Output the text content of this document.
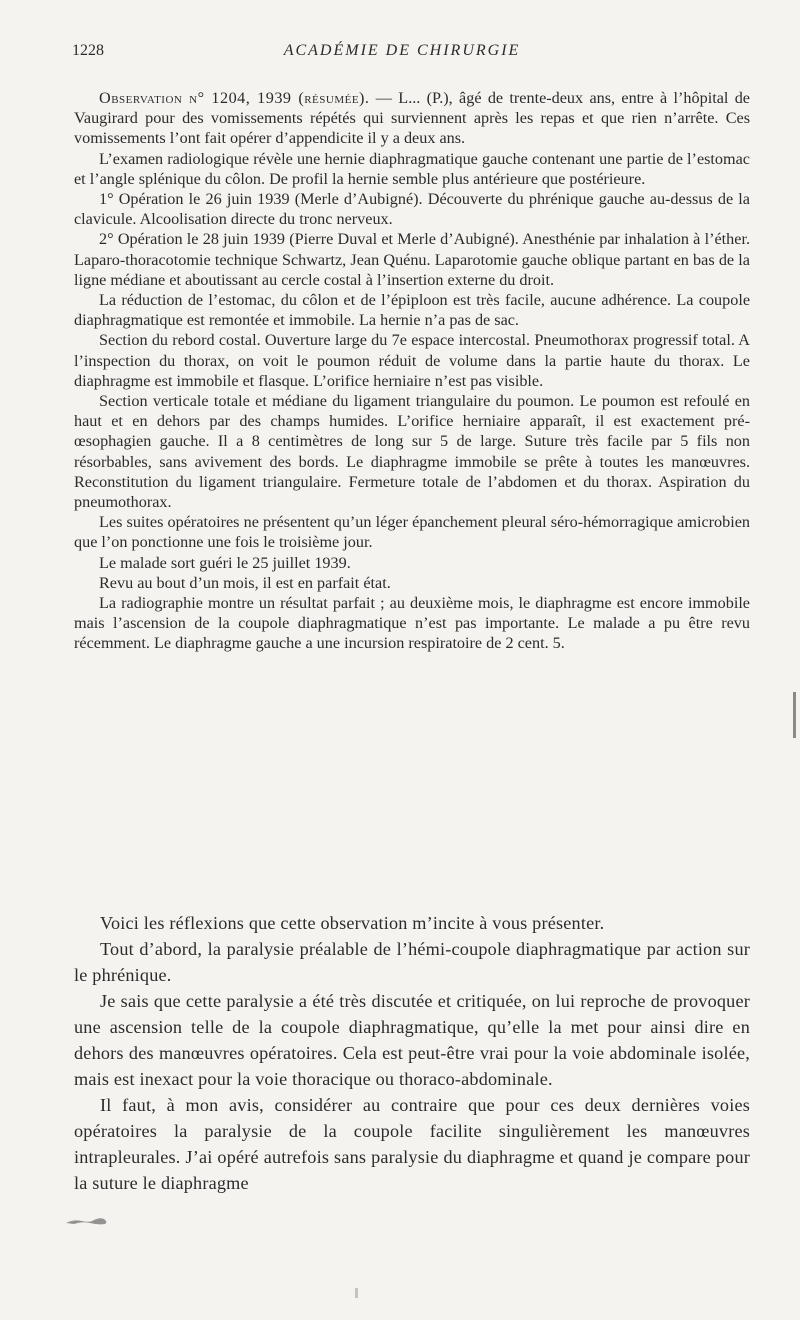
1228	ACADÉMIE DE CHIRURGIE

Observation n° 1204, 1939 (résumée). — L... (P.), âgé de trente-deux ans, entre à l’hôpital de Vaugirard pour des vomissements répétés qui surviennent après les repas et que rien n’arrête. Ces vomissements l’ont fait opérer d’appendicite il y a deux ans.

L’examen radiologique révèle une hernie diaphragmatique gauche contenant une partie de l’estomac et l’angle splénique du côlon. De profil la hernie semble plus antérieure que postérieure.

1° Opération le 26 juin 1939 (Merle d’Aubigné). Découverte du phrénique gauche au-dessus de la clavicule. Alcoolisation directe du tronc nerveux.

2° Opération le 28 juin 1939 (Pierre Duval et Merle d’Aubigné). Anesthénie par inhalation à l’éther. Laparo-thoracotomie technique Schwartz, Jean Quénu. Laparotomie gauche oblique partant en bas de la ligne médiane et aboutissant au cercle costal à l’insertion externe du droit.

La réduction de l’estomac, du côlon et de l’épiploon est très facile, aucune adhérence. La coupole diaphragmatique est remontée et immobile. La hernie n’a pas de sac.

Section du rebord costal. Ouverture large du 7e espace intercostal. Pneumothorax progressif total. A l’inspection du thorax, on voit le poumon réduit de volume dans la partie haute du thorax. Le diaphragme est immobile et flasque. L’orifice herniaire n’est pas visible.

Section verticale totale et médiane du ligament triangulaire du poumon. Le poumon est refoulé en haut et en dehors par des champs humides. L’orifice herniaire apparaît, il est exactement pré-œsophagien gauche. Il a 8 centimètres de long sur 5 de large. Suture très facile par 5 fils non résorbables, sans avivement des bords. Le diaphragme immobile se prête à toutes les manœuvres. Reconstitution du ligament triangulaire. Fermeture totale de l’abdomen et du thorax. Aspiration du pneumothorax.

Les suites opératoires ne présentent qu’un léger épanchement pleural séro-hémorragique amicrobien que l’on ponctionne une fois le troisième jour.

Le malade sort guéri le 25 juillet 1939.

Revu au bout d’un mois, il est en parfait état.

La radiographie montre un résultat parfait ; au deuxième mois, le diaphragme est encore immobile mais l’ascension de la coupole diaphragmatique n’est pas importante. Le malade a pu être revu récemment. Le diaphragme gauche a une incursion respiratoire de 2 cent. 5.

Voici les réflexions que cette observation m’incite à vous présenter.

Tout d’abord, la paralysie préalable de l’hémi-coupole diaphragmatique par action sur le phrénique.

Je sais que cette paralysie a été très discutée et critiquée, on lui reproche de provoquer une ascension telle de la coupole diaphragmatique, qu’elle la met pour ainsi dire en dehors des manœuvres opératoires. Cela est peut-être vrai pour la voie abdominale isolée, mais est inexact pour la voie thoracique ou thoraco-abdominale.

Il faut, à mon avis, considérer au contraire que pour ces deux dernières voies opératoires la paralysie de la coupole facilite singulièrement les manœuvres intrapleurales. J’ai opéré autrefois sans paralysie du diaphragme et quand je compare pour la suture le diaphragme
